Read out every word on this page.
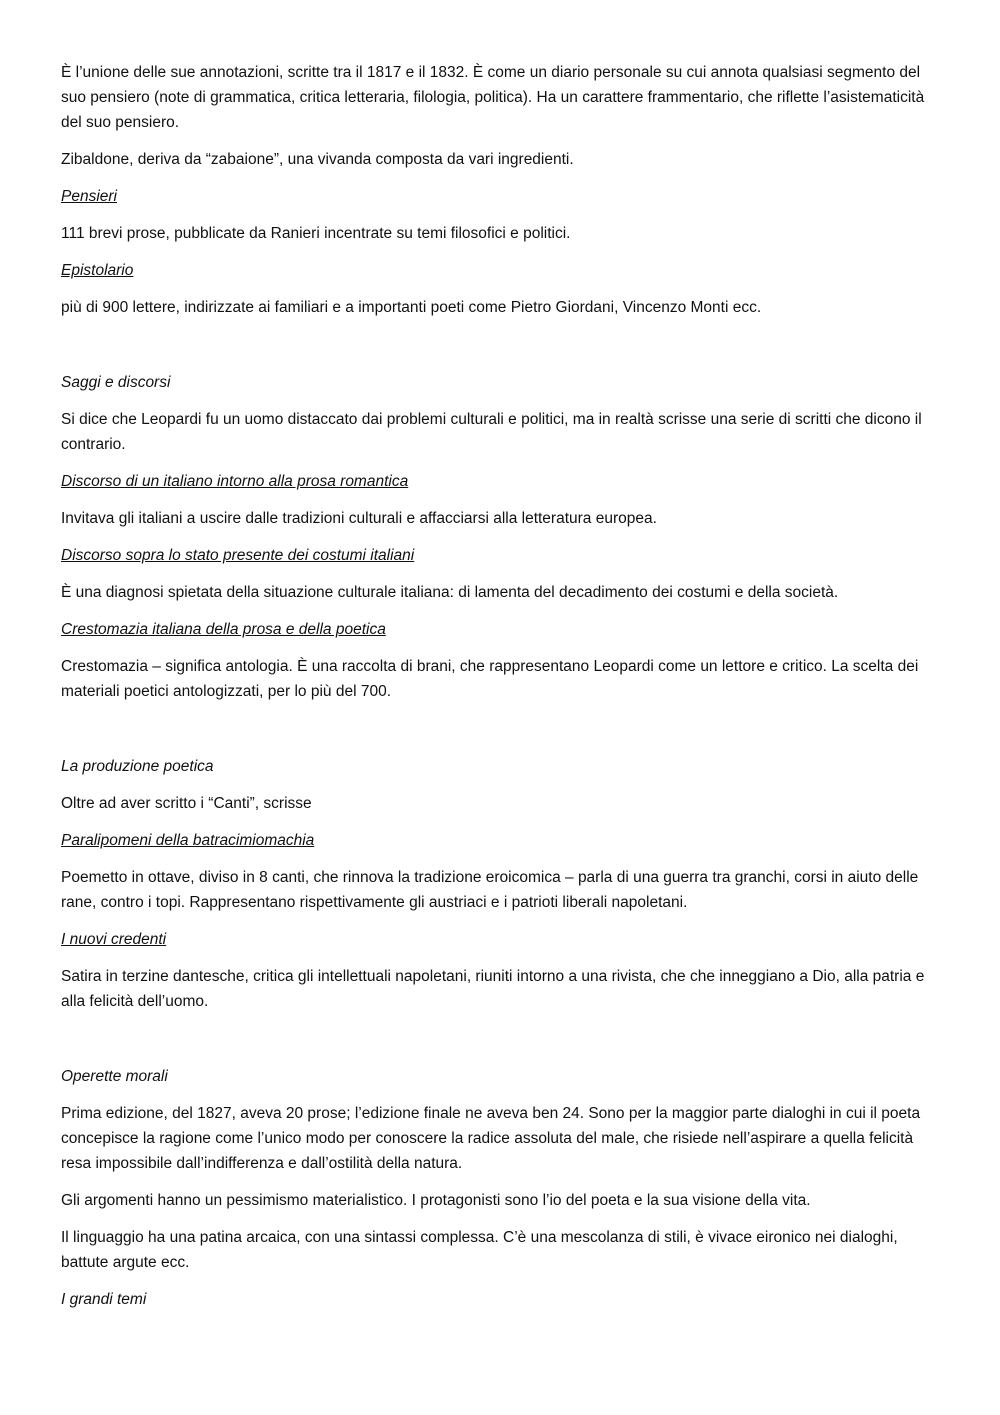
È l’unione delle sue annotazioni, scritte tra il 1817 e il 1832. È come un diario personale su cui annota qualsiasi segmento del suo pensiero (note di grammatica, critica letteraria, filologia, politica). Ha un carattere frammentario, che riflette l’asistematicità del suo pensiero.

Zibaldone, deriva da “zabaione”, una vivanda composta da vari ingredienti.

Pensieri

111 brevi prose, pubblicate da Ranieri incentrate su temi filosofici e politici.

Epistolario

più di 900 lettere, indirizzate ai familiari e a importanti poeti come Pietro Giordani, Vincenzo Monti ecc.

Saggi e discorsi

Si dice che Leopardi fu un uomo distaccato dai problemi culturali e politici, ma in realtà scrisse una serie di scritti che dicono il contrario.

Discorso di un italiano intorno alla prosa romantica

Invitava gli italiani a uscire dalle tradizioni culturali e affacciarsi alla letteratura europea.

Discorso sopra lo stato presente dei costumi italiani

È una diagnosi spietata della situazione culturale italiana: di lamenta del decadimento dei costumi e della società.

Crestomazia italiana della prosa e della poetica

Crestomazia – significa antologia. È una raccolta di brani, che rappresentano Leopardi come un lettore e critico. La scelta dei materiali poetici antologizzati, per lo più del 700.

La produzione poetica

Oltre ad aver scritto i “Canti”, scrisse

Paralipomeni della batracimiomachia

Poemetto in ottave, diviso in 8 canti, che rinnova la tradizione eroicomica – parla di una guerra tra granchi, corsi in aiuto delle rane, contro i topi. Rappresentano rispettivamente gli austriaci e i patrioti liberali napoletani.

I nuovi credenti

Satira in terzine dantesche, critica gli intellettuali napoletani, riuniti intorno a una rivista, che che inneggiano a Dio, alla patria e alla felicità dell’uomo.

Operette morali

Prima edizione, del 1827, aveva 20 prose; l’edizione finale ne aveva ben 24. Sono per la maggior parte dialoghi in cui il poeta concepisce la ragione come l’unico modo per conoscere la radice assoluta del male, che risiede nell’aspirare a quella felicità resa impossibile dall’indifferenza e dall’ostilità della natura.

Gli argomenti hanno un pessimismo materialistico. I protagonisti sono l’io del poeta e la sua visione della vita.

Il linguaggio ha una patina arcaica, con una sintassi complessa. C’è una mescolanza di stili, è vivace eironico nei dialoghi, battute argute ecc.

I grandi temi
